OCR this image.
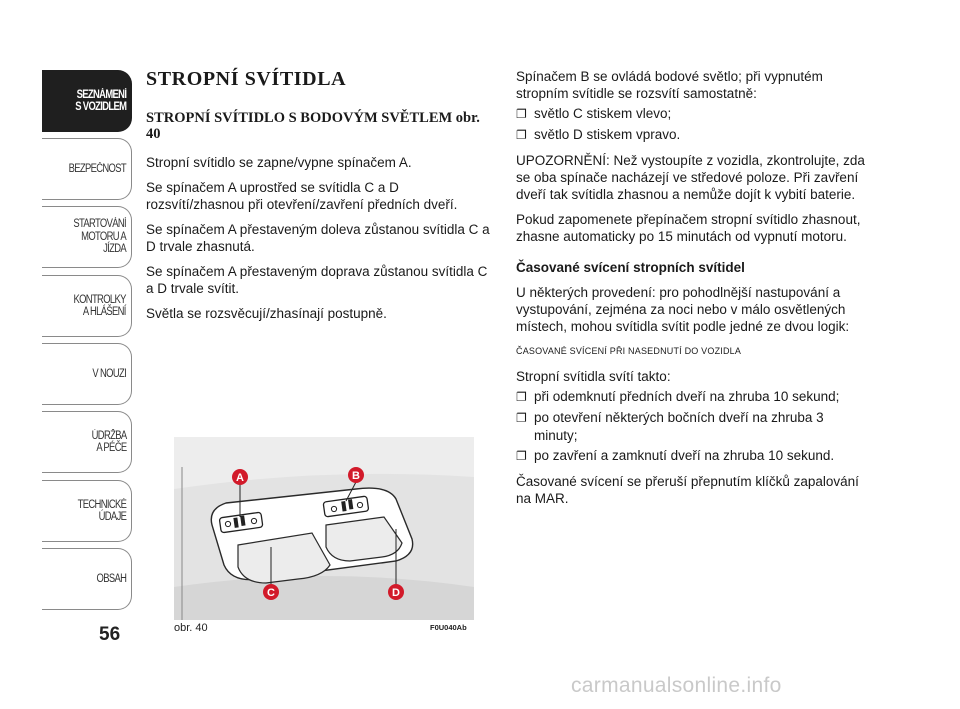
SEZNÁMENÍ
S VOZIDLEM
BEZPEČNOST
STARTOVÁNÍ
MOTORU A JÍZDA
KONTROLKY
A HLÁŠENÍ
V NOUZI
ÚDRŽBA
A PÉČE
TECHNICKÉ
ÚDAJE
OBSAH
56

STROPNÍ SVÍTIDLA

STROPNÍ SVÍTIDLO S BODOVÝM SVĚTLEM obr. 40

Stropní svítidlo se zapne/vypne spínačem A.

Se spínačem A uprostřed se svítidla C a D rozsvítí/zhasnou při otevření/zavření předních dveří.

Se spínačem A přestaveným doleva zůstanou svítidla C a D trvale zhasnutá.

Se spínačem A přestaveným doprava zůstanou svítidla C a D trvale svítit.

Světla se rozsvěcují/zhasínají postupně.

Spínačem B se ovládá bodové světlo; při vypnutém stropním svítidle se rozsvítí samostatně:

❐ světlo C stiskem vlevo;

❐ světlo D stiskem vpravo.

UPOZORNĚNÍ: Než vystoupíte z vozidla, zkontrolujte, zda se oba spínače nacházejí ve středové poloze. Při zavření dveří tak svítidla zhasnou a nemůže dojít k vybití baterie.

Pokud zapomenete přepínačem stropní svítidlo zhasnout, zhasne automaticky po 15 minutách od vypnutí motoru.

Časované svícení stropních svítidel

U některých provedení: pro pohodlnější nastupování a vystupování, zejména za noci nebo v málo osvětlených místech, mohou svítidla svítit podle jedné ze dvou logik:

ČASOVANÉ SVÍCENÍ PŘI NASEDNUTÍ DO VOZIDLA

Stropní svítidla svítí takto:

❐ při odemknutí předních dveří na zhruba 10 sekund;

❐ po otevření některých bočních dveří na zhruba 3 minuty;

❐ po zavření a zamknutí dveří na zhruba 10 sekund.

Časované svícení se přeruší přepnutím klíčků zapalování na MAR.

A	B
C	D
obr. 40	F0U040Ab
carmanualsonline.info
